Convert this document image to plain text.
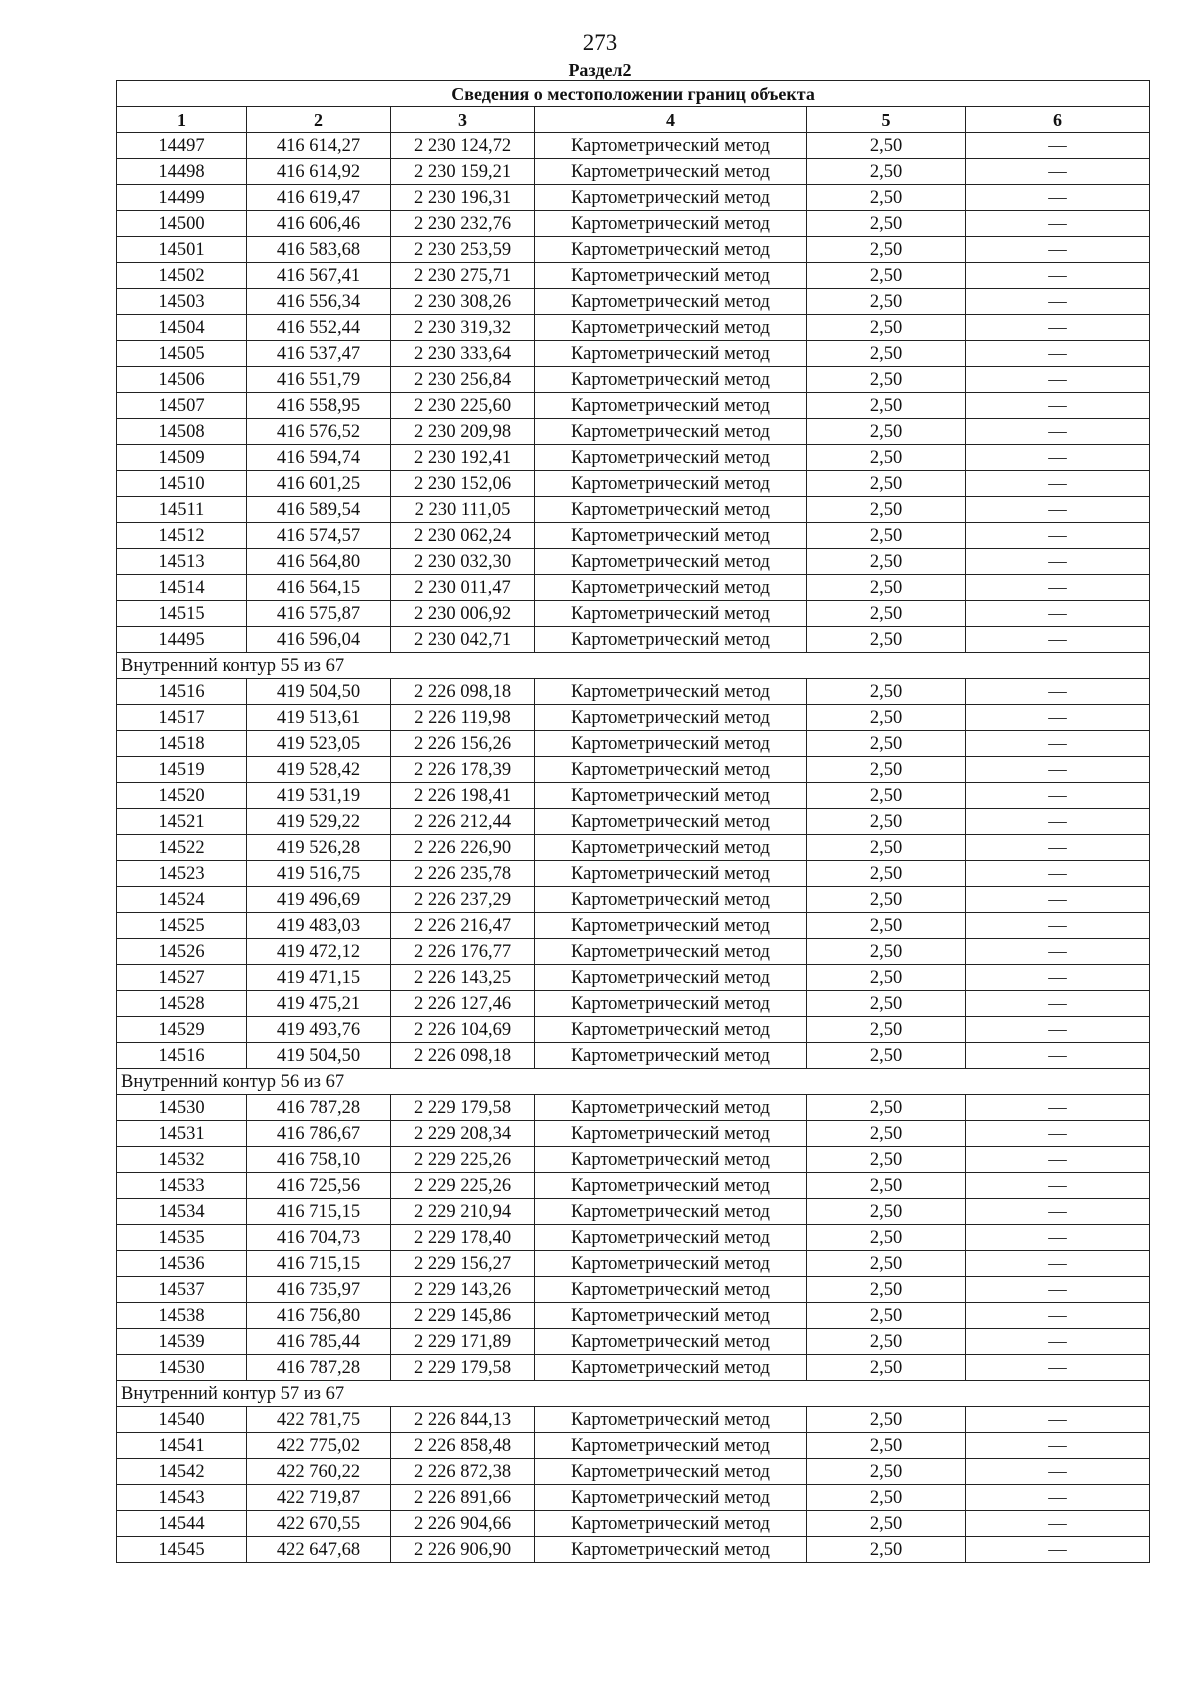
273
Раздел2
Сведения о местоположении границ объекта					
1	2	3	4	5	6
14497	416 614,27	2 230 124,72	Картометрический метод	2,50	—
14498	416 614,92	2 230 159,21	Картометрический метод	2,50	—
14499	416 619,47	2 230 196,31	Картометрический метод	2,50	—
14500	416 606,46	2 230 232,76	Картометрический метод	2,50	—
14501	416 583,68	2 230 253,59	Картометрический метод	2,50	—
14502	416 567,41	2 230 275,71	Картометрический метод	2,50	—
14503	416 556,34	2 230 308,26	Картометрический метод	2,50	—
14504	416 552,44	2 230 319,32	Картометрический метод	2,50	—
14505	416 537,47	2 230 333,64	Картометрический метод	2,50	—
14506	416 551,79	2 230 256,84	Картометрический метод	2,50	—
14507	416 558,95	2 230 225,60	Картометрический метод	2,50	—
14508	416 576,52	2 230 209,98	Картометрический метод	2,50	—
14509	416 594,74	2 230 192,41	Картометрический метод	2,50	—
14510	416 601,25	2 230 152,06	Картометрический метод	2,50	—
14511	416 589,54	2 230 111,05	Картометрический метод	2,50	—
14512	416 574,57	2 230 062,24	Картометрический метод	2,50	—
14513	416 564,80	2 230 032,30	Картометрический метод	2,50	—
14514	416 564,15	2 230 011,47	Картометрический метод	2,50	—
14515	416 575,87	2 230 006,92	Картометрический метод	2,50	—
14495	416 596,04	2 230 042,71	Картометрический метод	2,50	—
Внутренний контур 55 из 67					
14516	419 504,50	2 226 098,18	Картометрический метод	2,50	—
14517	419 513,61	2 226 119,98	Картометрический метод	2,50	—
14518	419 523,05	2 226 156,26	Картометрический метод	2,50	—
14519	419 528,42	2 226 178,39	Картометрический метод	2,50	—
14520	419 531,19	2 226 198,41	Картометрический метод	2,50	—
14521	419 529,22	2 226 212,44	Картометрический метод	2,50	—
14522	419 526,28	2 226 226,90	Картометрический метод	2,50	—
14523	419 516,75	2 226 235,78	Картометрический метод	2,50	—
14524	419 496,69	2 226 237,29	Картометрический метод	2,50	—
14525	419 483,03	2 226 216,47	Картометрический метод	2,50	—
14526	419 472,12	2 226 176,77	Картометрический метод	2,50	—
14527	419 471,15	2 226 143,25	Картометрический метод	2,50	—
14528	419 475,21	2 226 127,46	Картометрический метод	2,50	—
14529	419 493,76	2 226 104,69	Картометрический метод	2,50	—
14516	419 504,50	2 226 098,18	Картометрический метод	2,50	—
Внутренний контур 56 из 67					
14530	416 787,28	2 229 179,58	Картометрический метод	2,50	—
14531	416 786,67	2 229 208,34	Картометрический метод	2,50	—
14532	416 758,10	2 229 225,26	Картометрический метод	2,50	—
14533	416 725,56	2 229 225,26	Картометрический метод	2,50	—
14534	416 715,15	2 229 210,94	Картометрический метод	2,50	—
14535	416 704,73	2 229 178,40	Картометрический метод	2,50	—
14536	416 715,15	2 229 156,27	Картометрический метод	2,50	—
14537	416 735,97	2 229 143,26	Картометрический метод	2,50	—
14538	416 756,80	2 229 145,86	Картометрический метод	2,50	—
14539	416 785,44	2 229 171,89	Картометрический метод	2,50	—
14530	416 787,28	2 229 179,58	Картометрический метод	2,50	—
Внутренний контур 57 из 67					
14540	422 781,75	2 226 844,13	Картометрический метод	2,50	—
14541	422 775,02	2 226 858,48	Картометрический метод	2,50	—
14542	422 760,22	2 226 872,38	Картометрический метод	2,50	—
14543	422 719,87	2 226 891,66	Картометрический метод	2,50	—
14544	422 670,55	2 226 904,66	Картометрический метод	2,50	—
14545	422 647,68	2 226 906,90	Картометрический метод	2,50	—
